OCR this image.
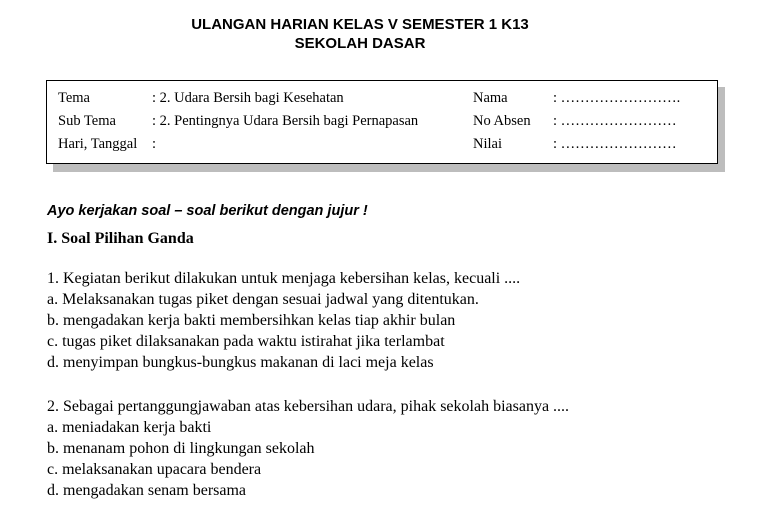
ULANGAN HARIAN KELAS V SEMESTER 1 K13
SEKOLAH DASAR
Tema	: 2. Udara Bersih bagi Kesehatan	Nama	: …………………….
Sub Tema : 2. Pentingnya Udara Bersih bagi Pernapasan	No Absen : ……………………
Hari, Tanggal :	Nilai	: ……………………

Ayo kerjakan soal – soal berikut dengan jujur !

I. Soal Pilihan Ganda

1. Kegiatan berikut dilakukan untuk menjaga kebersihan kelas, kecuali ....

a. Melaksanakan tugas piket dengan sesuai jadwal yang ditentukan.

b. mengadakan kerja bakti membersihkan kelas tiap akhir bulan

c. tugas piket dilaksanakan pada waktu istirahat jika terlambat

d. menyimpan bungkus-bungkus makanan di laci meja kelas

2. Sebagai pertanggungjawaban atas kebersihan udara, pihak sekolah biasanya ....

a. meniadakan kerja bakti

b. menanam pohon di lingkungan sekolah

c. melaksanakan upacara bendera

d. mengadakan senam bersama
